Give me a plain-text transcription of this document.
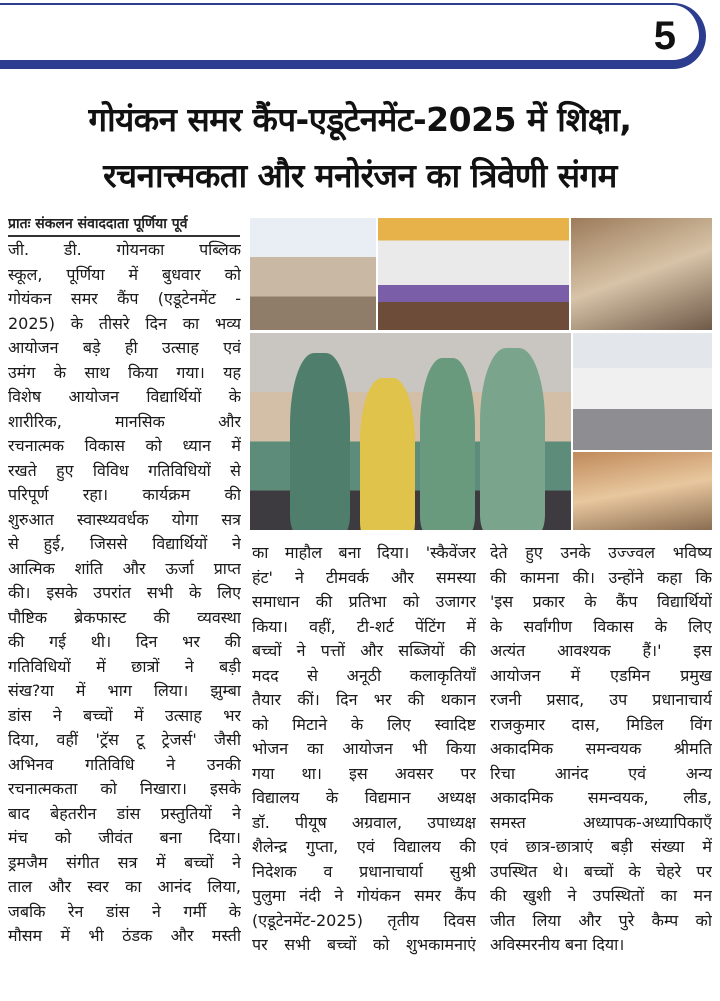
5
गोयंकन समर कैंप-एडूटेनमेंट-2025 में शिक्षा,
रचनात्त्मकता और मनोरंजन का त्रिवेणी संगम
प्रातः संकलन संवाददाता पूर्णिया पूर्व
जी. डी. गोयनका पब्लिक
स्कूल, पूर्णिया में बुधवार को
गोयंकन समर कैंप (एडूटेनमेंट -
2025) के तीसरे दिन का भव्य
आयोजन बड़े ही उत्साह एवं
उमंग के साथ किया गया। यह
विशेष आयोजन विद्यार्थियों के
शारीरिक, मानसिक और
रचनात्मक विकास को ध्यान में
रखते हुए विविध गतिविधियों से
परिपूर्ण रहा। कार्यक्रम की
शुरुआत स्वास्थ्यवर्धक योगा सत्र
से हुई, जिससे विद्यार्थियों ने
आत्मिक शांति और ऊर्जा प्राप्त
की। इसके उपरांत सभी के लिए
पौष्टिक ब्रेकफास्ट की व्यवस्था
की गई थी। दिन भर की
गतिविधियों में छात्रों ने बड़ी
संख?या में भाग लिया। झुम्बा
डांस ने बच्चों में उत्साह भर
दिया, वहीं 'ट्रॅस टू ट्रेजर्स' जैसी
अभिनव गतिविधि ने उनकी
रचनात्मकता को निखारा। इसके
बाद बेहतरीन डांस प्रस्तुतियों ने
मंच को जीवंत बना दिया।
ड्रमजैम संगीत सत्र में बच्चों ने
ताल और स्वर का आनंद लिया,
जबकि रेन डांस ने गर्मी के
मौसम में भी ठंडक और मस्ती
का माहौल बना दिया। 'स्कैवेंजर
हंट' ने टीमवर्क और समस्या
समाधान की प्रतिभा को उजागर
किया। वहीं, टी-शर्ट पेंटिंग में
बच्चों ने पत्तों और सब्जियों की
मदद से अनूठी कलाकृतियाँ
तैयार कीं। दिन भर की थकान
को मिटाने के लिए स्वादिष्ट
भोजन का आयोजन भी किया
गया था। इस अवसर पर
विद्यालय के विद्यमान अध्यक्ष
डॉ. पीयूष अग्रवाल, उपाध्यक्ष
शैलेन्द्र गुप्ता, एवं विद्यालय की
निदेशक व प्रधानाचार्या सुश्री
पुलुमा नंदी ने गोयंकन समर कैंप
(एडूटेनमेंट-2025) तृतीय दिवस
पर सभी बच्चों को शुभकामनाएं
देते हुए उनके उज्ज्वल भविष्य
की कामना की। उन्होंने कहा कि
'इस प्रकार के कैंप विद्यार्थियों
के सर्वांगीण विकास के लिए
अत्यंत आवश्यक हैं।' इस
आयोजन में एडमिन प्रमुख
रजनी प्रसाद, उप प्रधानाचार्य
राजकुमार दास, मिडिल विंग
अकादमिक समन्वयक श्रीमति
रिचा आनंद एवं अन्य
अकादमिक समन्वयक, लीड,
समस्त अध्यापक-अध्यापिकाएँ
एवं छात्र-छात्राएं बड़ी संख्या में
उपस्थित थे। बच्चों के चेहरे पर
की खुशी ने उपस्थितों का मन
जीत लिया और पुरे कैम्प को
अविस्मरनीय बना दिया।
